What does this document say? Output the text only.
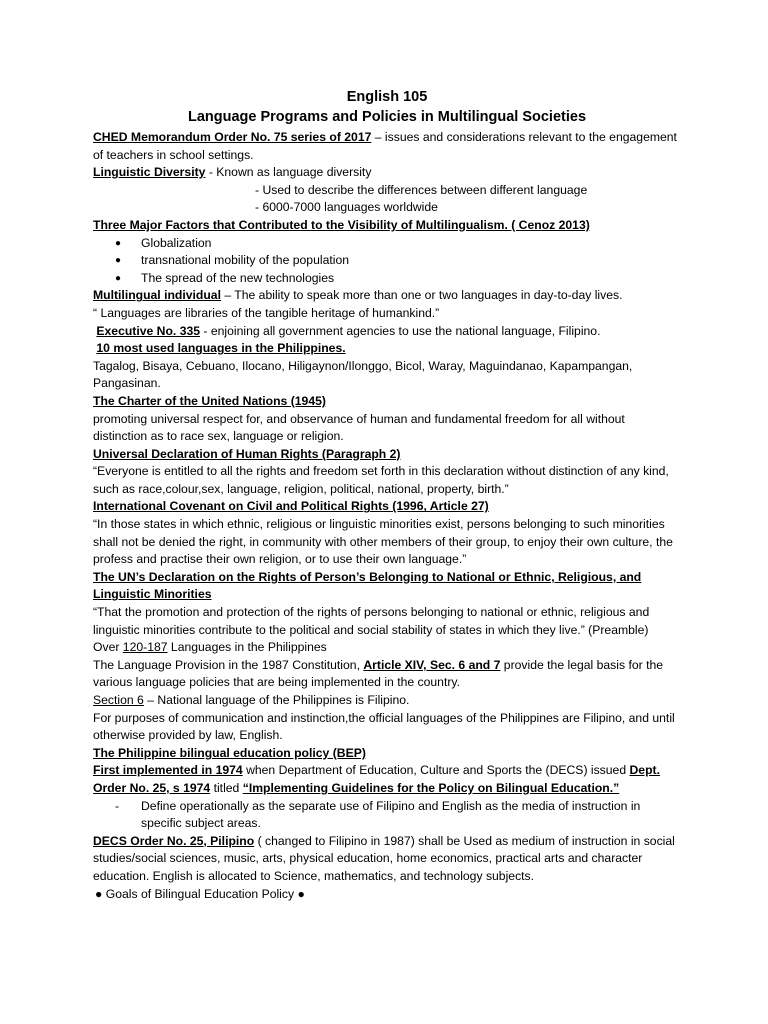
English 105
Language Programs and Policies in Multilingual Societies

CHED Memorandum Order No. 75 series of 2017 – issues and considerations relevant to the engagement of teachers in school settings.

Linguistic Diversity - Known as language diversity

- Used to describe the differences between different language

- 6000-7000 languages worldwide

Three Major Factors that Contributed to the Visibility of Multilingualism. ( Cenoz 2013)

● Globalization
● transnational mobility of the population
● The spread of the new technologies

Multilingual individual – The ability to speak more than one or two languages in day-to-day lives.

“ Languages are libraries of the tangible heritage of humankind.”

Executive No. 335 - enjoining all government agencies to use the national language, Filipino.

10 most used languages in the Philippines.

Tagalog, Bisaya, Cebuano, Ilocano, Hiligaynon/Ilonggo, Bicol, Waray, Maguindanao, Kapampangan, Pangasinan.

The Charter of the United Nations (1945)

promoting universal respect for, and observance of human and fundamental freedom for all without distinction as to race sex, language or religion.

Universal Declaration of Human Rights (Paragraph 2)

“Everyone is entitled to all the rights and freedom set forth in this declaration without distinction of any kind, such as race,colour,sex, language, religion, political, national, property, birth.”

International Covenant on Civil and Political Rights (1996, Article 27)

“In those states in which ethnic, religious or linguistic minorities exist, persons belonging to such minorities shall not be denied the right, in community with other members of their group, to enjoy their own culture, the profess and practise their own religion, or to use their own language.”

The UN’s Declaration on the Rights of Person’s Belonging to National or Ethnic, Religious, and Linguistic Minorities

“That the promotion and protection of the rights of persons belonging to national or ethnic, religious and linguistic minorities contribute to the political and social stability of states in which they live.” (Preamble)

Over 120-187 Languages in the Philippines

The Language Provision in the 1987 Constitution, Article XIV, Sec. 6 and 7 provide the legal basis for the various language policies that are being implemented in the country.

Section 6 – National language of the Philippines is Filipino.

For purposes of communication and instinction,the official languages of the Philippines are Filipino, and until otherwise provided by law, English.

The Philippine bilingual education policy (BEP)

First implemented in 1974 when Department of Education, Culture and Sports the (DECS) issued Dept. Order No. 25, s 1974 titled “Implementing Guidelines for the Policy on Bilingual Education.”

- Define operationally as the separate use of Filipino and English as the media of instruction in specific subject areas.

DECS Order No. 25, Pilipino ( changed to Filipino in 1987) shall be Used as medium of instruction in social studies/social sciences, music, arts, physical education, home economics, practical arts and character education. English is allocated to Science, mathematics, and technology subjects.

● Goals of Bilingual Education Policy ●
